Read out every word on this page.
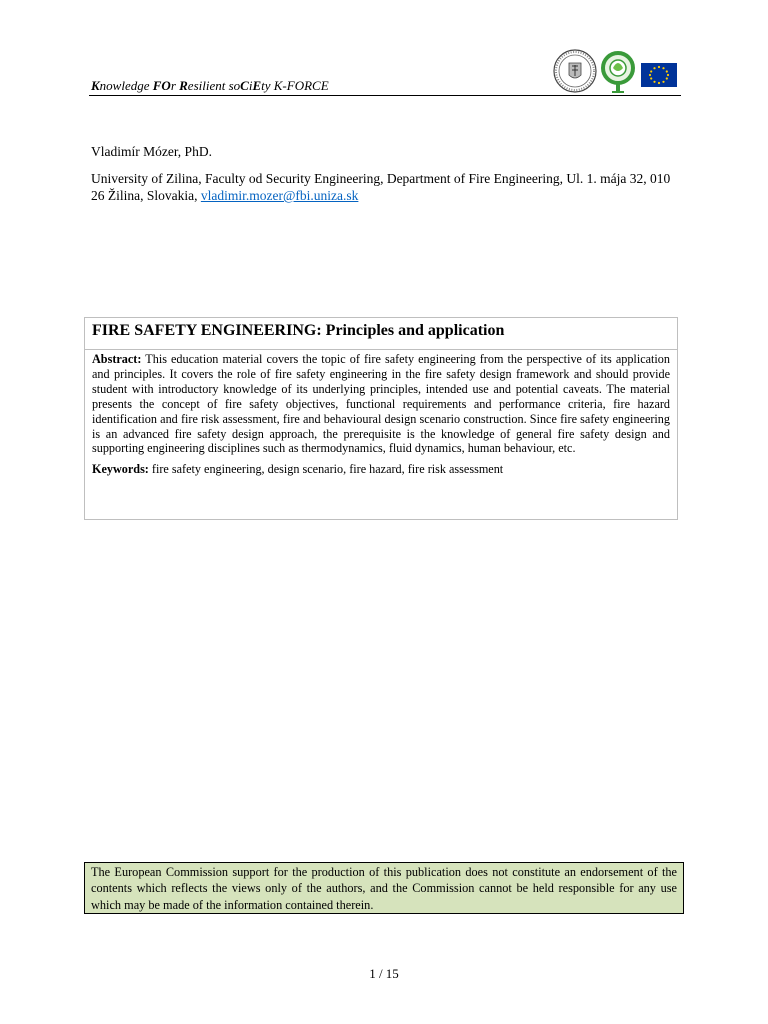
Knowledge FOr Resilient soCiEty K-FORCE
Vladimír Mózer, PhD.
University of Zilina, Faculty od Security Engineering, Department of Fire Engineering, Ul. 1. mája 32, 010 26 Žilina, Slovakia, vladimir.mozer@fbi.uniza.sk
FIRE SAFETY ENGINEERING: Principles and application
Abstract: This education material covers the topic of fire safety engineering from the perspective of its application and principles. It covers the role of fire safety engineering in the fire safety design framework and should provide student with introductory knowledge of its underlying principles, intended use and potential caveats. The material presents the concept of fire safety objectives, functional requirements and performance criteria, fire hazard identification and fire risk assessment, fire and behavioural design scenario construction. Since fire safety engineering is an advanced fire safety design approach, the prerequisite is the knowledge of general fire safety design and supporting engineering disciplines such as thermodynamics, fluid dynamics, human behaviour, etc.
Keywords: fire safety engineering, design scenario, fire hazard, fire risk assessment
The European Commission support for the production of this publication does not constitute an endorsement of the contents which reflects the views only of the authors, and the Commission cannot be held responsible for any use which may be made of the information contained therein.
1 / 15
